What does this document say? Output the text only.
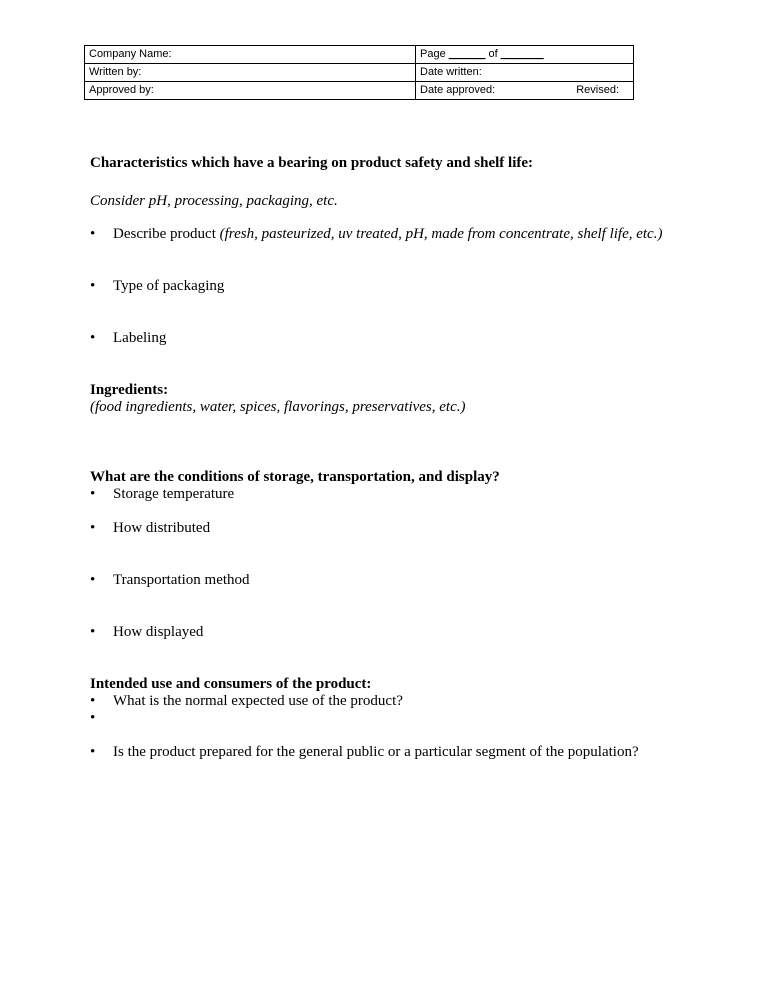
Company Name:	Page ______ of _______
Written by:	Date written:
Approved by:	Date approved: Revised:
Characteristics which have a bearing on product safety and shelf life:
Consider pH, processing, packaging, etc.
• Describe product (fresh, pasteurized, uv treated, pH, made from concentrate, shelf life, etc.)
• Type of packaging
• Labeling
Ingredients:
(food ingredients, water, spices, flavorings, preservatives, etc.)
What are the conditions of storage, transportation, and display?
• Storage temperature
• How distributed
• Transportation method
• How displayed
Intended use and consumers of the product:
• What is the normal expected use of the product?
•
• Is the product prepared for the general public or a particular segment of the population?
